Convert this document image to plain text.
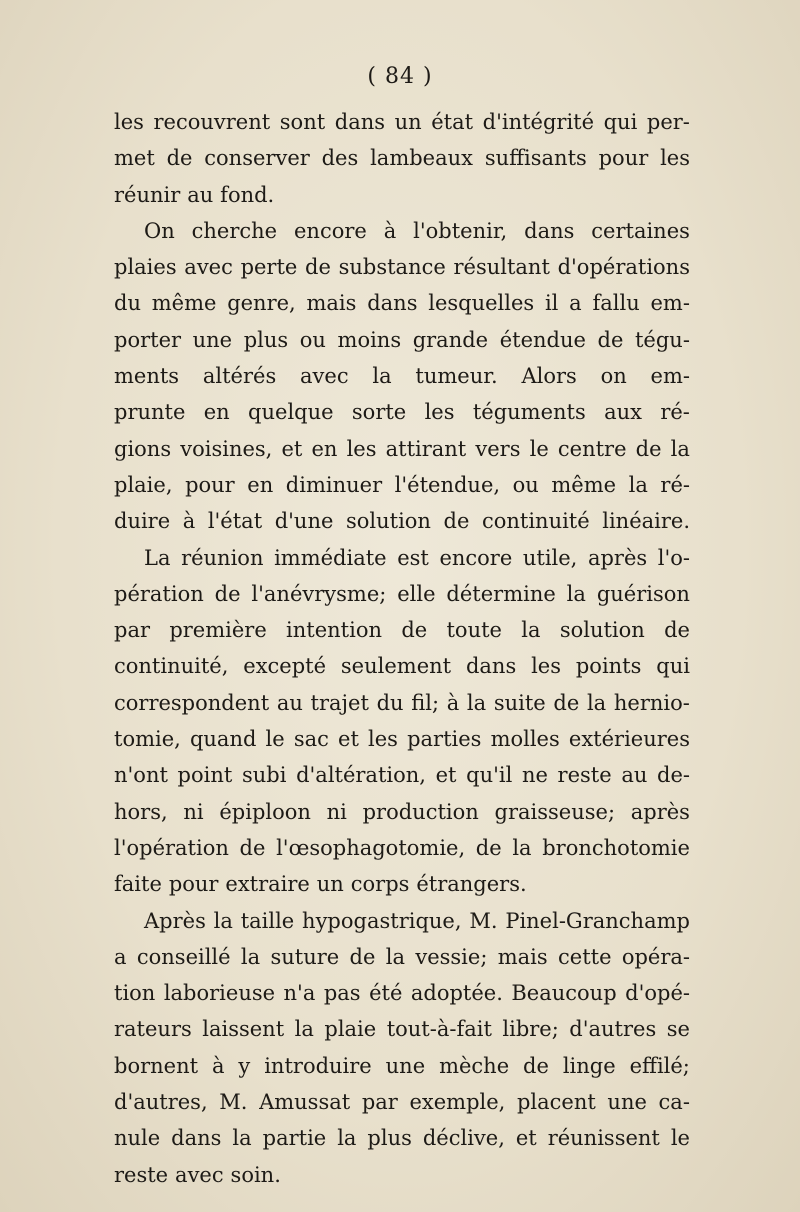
( 84 )
les recouvrent sont dans un état d'intégrité qui per-
met de conserver des lambeaux suffisants pour les
réunir au fond.
On cherche encore à l'obtenir, dans certaines
plaies avec perte de substance résultant d'opérations
du même genre, mais dans lesquelles il a fallu em-
porter une plus ou moins grande étendue de tégu-
ments altérés avec la tumeur. Alors on em-
prunte en quelque sorte les téguments aux ré-
gions voisines, et en les attirant vers le centre de la
plaie, pour en diminuer l'étendue, ou même la ré-
duire à l'état d'une solution de continuité linéaire.
La réunion immédiate est encore utile, après l'o-
pération de l'anévrysme; elle détermine la guérison
par première intention de toute la solution de
continuité, excepté seulement dans les points qui
correspondent au trajet du fil; à la suite de la hernio-
tomie, quand le sac et les parties molles extérieures
n'ont point subi d'altération, et qu'il ne reste au de-
hors, ni épiploon ni production graisseuse; après
l'opération de l'œsophagotomie, de la bronchotomie
faite pour extraire un corps étrangers.
Après la taille hypogastrique, M. Pinel-Granchamp
a conseillé la suture de la vessie; mais cette opéra-
tion laborieuse n'a pas été adoptée. Beaucoup d'opé-
rateurs laissent la plaie tout-à-fait libre; d'autres se
bornent à y introduire une mèche de linge effilé;
d'autres, M. Amussat par exemple, placent une ca-
nule dans la partie la plus déclive, et réunissent le
reste avec soin.
